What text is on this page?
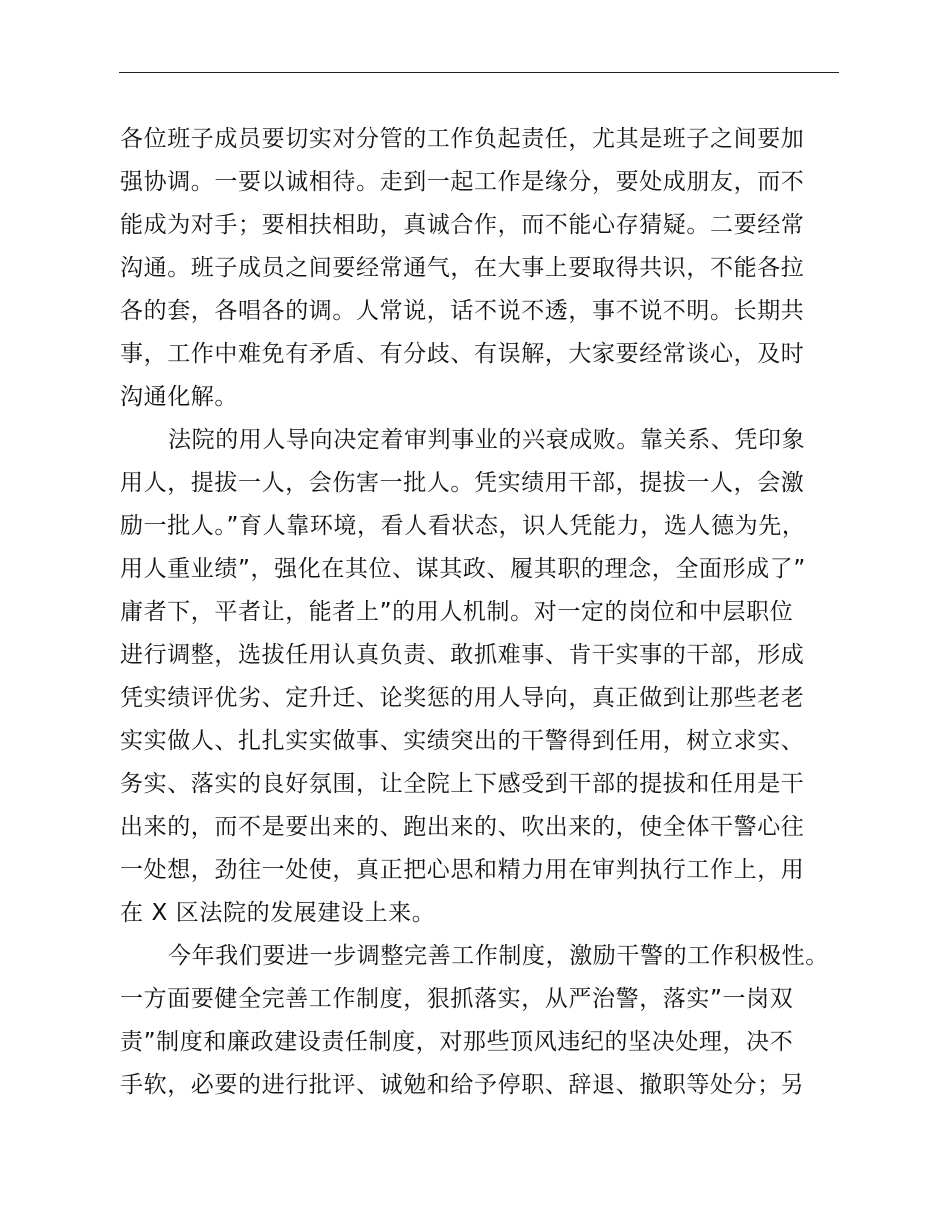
各位班子成员要切实对分管的工作负起责任，尤其是班子之间要加
强协调。一要以诚相待。走到一起工作是缘分，要处成朋友，而不
能成为对手；要相扶相助，真诚合作，而不能心存猜疑。二要经常
沟通。班子成员之间要经常通气，在大事上要取得共识，不能各拉
各的套，各唱各的调。人常说，话不说不透，事不说不明。长期共
事，工作中难免有矛盾、有分歧、有误解，大家要经常谈心，及时
沟通化解。
法院的用人导向决定着审判事业的兴衰成败。靠关系、凭印象
用人，提拔一人，会伤害一批人。凭实绩用干部，提拔一人，会激
励一批人。”育人靠环境，看人看状态，识人凭能力，选人德为先，
用人重业绩”，强化在其位、谋其政、履其职的理念，全面形成了”
庸者下，平者让，能者上”的用人机制。对一定的岗位和中层职位
进行调整，选拔任用认真负责、敢抓难事、肯干实事的干部，形成
凭实绩评优劣、定升迁、论奖惩的用人导向，真正做到让那些老老
实实做人、扎扎实实做事、实绩突出的干警得到任用，树立求实、
务实、落实的良好氛围，让全院上下感受到干部的提拔和任用是干
出来的，而不是要出来的、跑出来的、吹出来的，使全体干警心往
一处想，劲往一处使，真正把心思和精力用在审判执行工作上，用
在 X 区法院的发展建设上来。
今年我们要进一步调整完善工作制度，激励干警的工作积极性。
一方面要健全完善工作制度，狠抓落实，从严治警，落实”一岗双
责”制度和廉政建设责任制度，对那些顶风违纪的坚决处理，决不
手软，必要的进行批评、诚勉和给予停职、辞退、撤职等处分；另
